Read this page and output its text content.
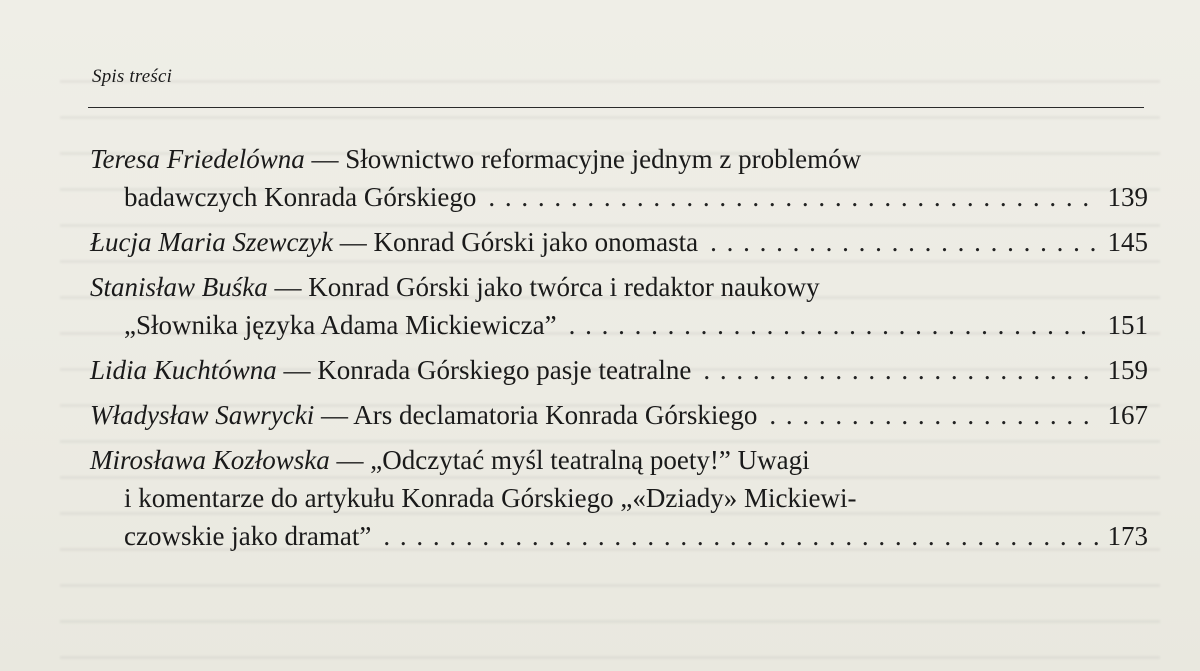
Spis treści
Teresa Friedelówna
— Słownictwo reformacyjne jednym z problemów
badawczych Konrada Górskiego . . .	139
Łucja Maria Szewczyk
— Konrad Górski jako onomasta . . .	145
Stanisław Buśka
— Konrad Górski jako twórca i redaktor naukowy
„Słownika języka Adama Mickiewicza” . . .	151
Lidia Kuchtówna
— Konrada Górskiego pasje teatralne . . .	159
Władysław Sawrycki
— Ars declamatoria Konrada Górskiego . . .	167
Mirosława Kozłowska
— „Odczytać myśl teatralną poety!” Uwagi
i komentarze do artykułu Konrada Górskiego „«Dziady» Mickiewi-
czowskie jako dramat” . . .	173
